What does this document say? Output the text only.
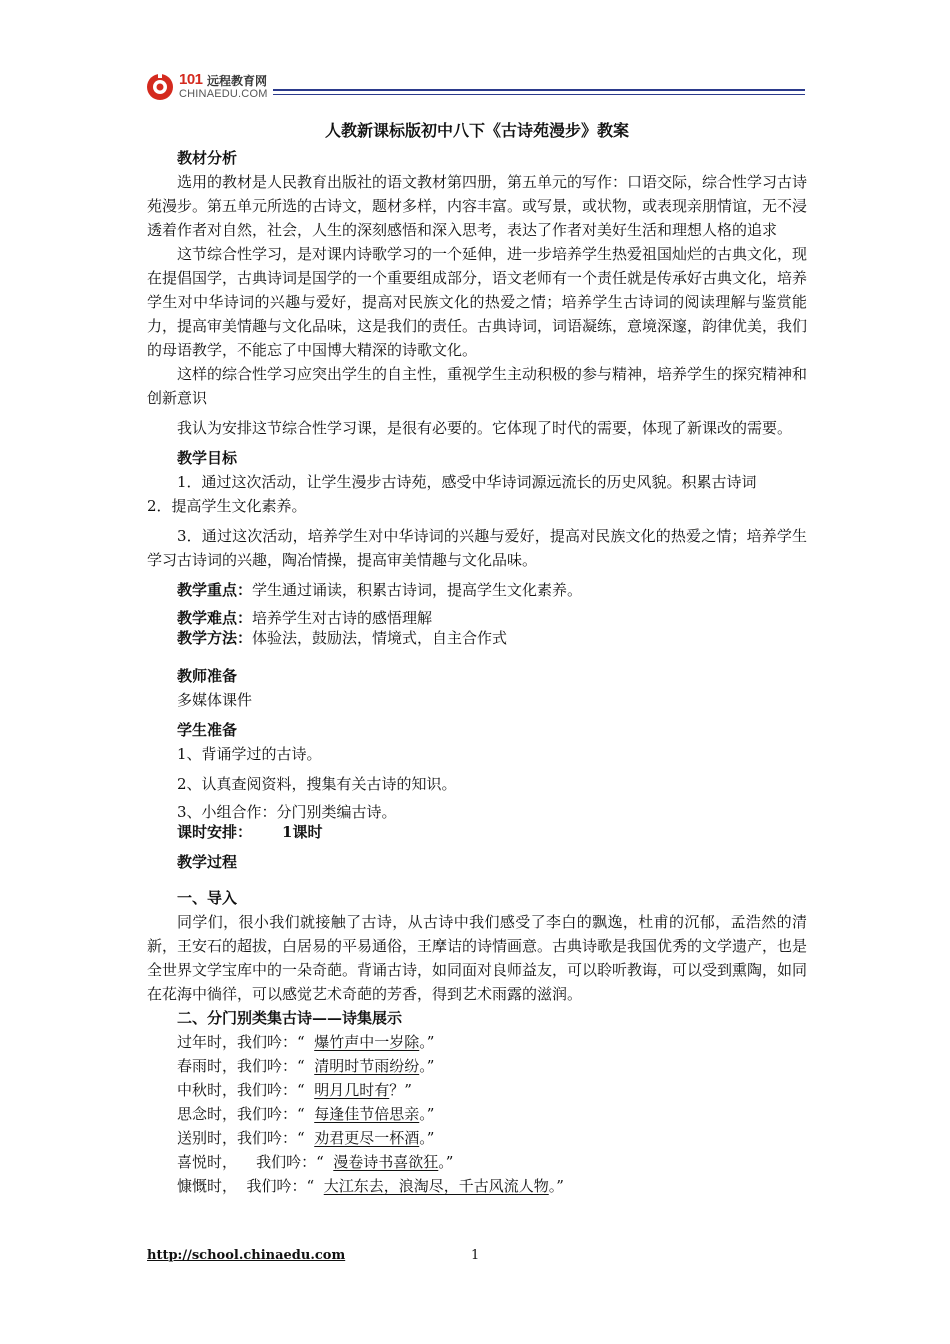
101 远程教育网
CHINAEDU.COM

人教新课标版初中八下《古诗苑漫步》教案

教材分析

选用的教材是人民教育出版社的语文教材第四册，第五单元的写作：口语交际，综合性学习古诗苑漫步。第五单元所选的古诗文，题材多样，内容丰富。或写景，或状物，或表现亲朋情谊，无不浸透着作者对自然，社会，人生的深刻感悟和深入思考，表达了作者对美好生活和理想人格的追求

这节综合性学习，是对课内诗歌学习的一个延伸，进一步培养学生热爱祖国灿烂的古典文化，现在提倡国学，古典诗词是国学的一个重要组成部分，语文老师有一个责任就是传承好古典文化，培养学生对中华诗词的兴趣与爱好，提高对民族文化的热爱之情；培养学生古诗词的阅读理解与鉴赏能力，提高审美情趣与文化品味，这是我们的责任。古典诗词，词语凝练，意境深邃，韵律优美，我们的母语教学，不能忘了中国博大精深的诗歌文化。

这样的综合性学习应突出学生的自主性，重视学生主动积极的参与精神，培养学生的探究精神和创新意识

我认为安排这节综合性学习课，是很有必要的。它体现了时代的需要，体现了新课改的需要。

教学目标

1．通过这次活动，让学生漫步古诗苑，感受中华诗词源远流长的历史风貌。积累古诗词

2．提高学生文化素养。

3．通过这次活动，培养学生对中华诗词的兴趣与爱好，提高对民族文化的热爱之情；培养学生学习古诗词的兴趣，陶冶情操，提高审美情趣与文化品味。

教学重点：学生通过诵读，积累古诗词，提高学生文化素养。

教学难点：培养学生对古诗的感悟理解

教学方法：体验法，鼓励法，情境式，自主合作式

教师准备

多媒体课件

学生准备

1、背诵学过的古诗。

2、认真查阅资料，搜集有关古诗的知识。

3、小组合作：分门别类编古诗。

课时安排： 1课时

教学过程

一、导入

同学们，很小我们就接触了古诗，从古诗中我们感受了李白的飘逸，杜甫的沉郁，孟浩然的清新，王安石的超拔，白居易的平易通俗，王摩诘的诗情画意。古典诗歌是我国优秀的文学遗产，也是全世界文学宝库中的一朵奇葩。背诵古诗，如同面对良师益友，可以聆听教诲，可以受到熏陶，如同在花海中徜徉，可以感觉艺术奇葩的芳香，得到艺术雨露的滋润。

二、分门别类集古诗——诗集展示

过年时，我们吟：“  爆竹声中一岁除。”

春雨时，我们吟：“  清明时节雨纷纷。”

中秋时，我们吟：“  明月几时有？”

思念时，我们吟：“  每逢佳节倍思亲。”

送别时，我们吟：“  劝君更尽一杯酒。”

喜悦时，    我们吟：“  漫卷诗书喜欲狂。”

慷慨时，  我们吟：“  大江东去，浪淘尽，千古风流人物。”

http://school.chinaedu.com	1
